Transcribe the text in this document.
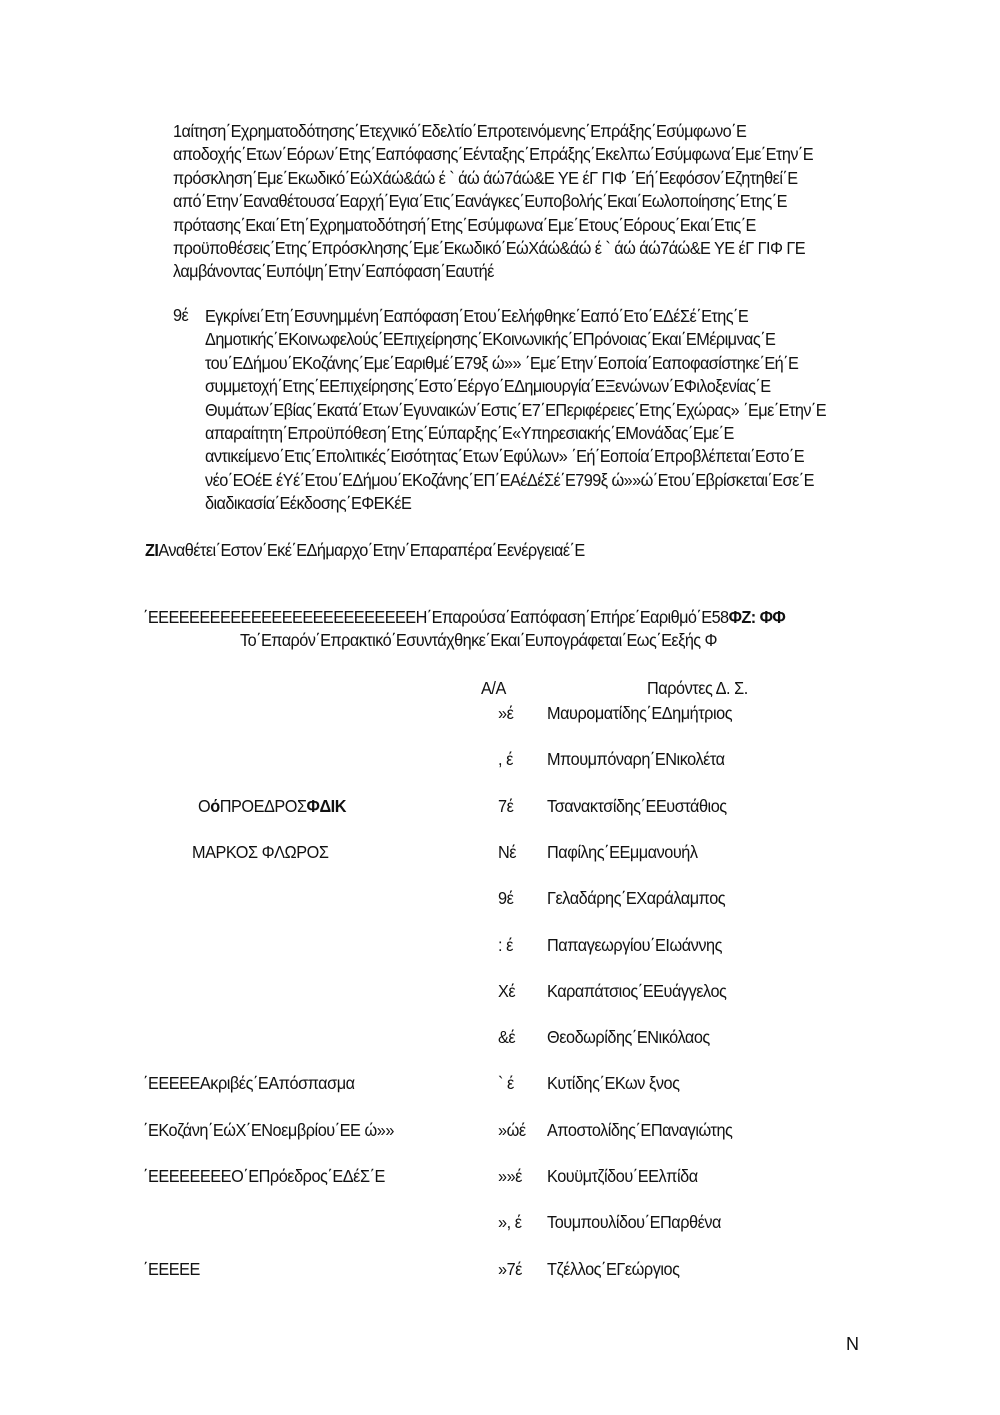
1αίτηση΄Εχρηματοδότησης΄Ετεχνικό΄Εδελτίο΄Επροτεινόμενης΄Επράξης΄Εσύμφωνο΄Ε
αποδοχής΄Ετων΄Εόρων΄Ετης΄Εαπόφασης΄Εένταξης΄Επράξης΄Εκελπω΄Εσύμφωνα΄Εμε΄Ετην΄Ε
πρόσκληση΄Εμε΄Εκωδικό΄ΕώΧάώ&άώ έ ` άώ άώ7άώ&Ε ΥΕ έΓ ΓΙΦ ΄Εή΄Εεφόσον΄Εζητηθεί΄Ε
από΄Ετην΄Εαναθέτουσα΄Εαρχή΄Εγια΄Ετις΄Εανάγκες΄Ευποβολής΄Εκαι΄Εωλοποίησης΄Ετης΄Ε
πρότασης΄Εκαι΄Ετη΄Εχρηματοδότησή΄Ετης΄Εσύμφωνα΄Εμε΄Ετους΄Εόρους΄Εκαι΄Ετις΄Ε
προϋποθέσεις΄Ετης΄Επρόσκλησης΄Εμε΄Εκωδικό΄ΕώΧάώ&άώ έ ` άώ άώ7άώ&Ε ΥΕ έΓ ΓΙΦ ΓΕ
λαμβάνοντας΄Ευπόψη΄Ετην΄Εαπόφαση΄Εαυτήέ
9έ Εγκρίνει΄Ετη΄Εσυνημμένη΄Εαπόφαση΄Ετου΄Εελήφθηκε΄Εαπό΄Ετο΄ΕΔέΣέ΄Ετης΄Ε
Δημοτικής΄ΕΚοινωφελούς΄ΕΕπιχείρησης΄ΕΚοινωνικής΄ΕΠρόνοιας΄Εκαι΄ΕΜέριμνας΄Ε
του΄ΕΔήμου΄ΕΚοζάνης΄Εμε΄Εαριθμέ΄Ε79ξ ώ»» ΄Εμε΄Ετην΄Εοποία΄Εαποφασίστηκε΄Εή΄Ε
συμμετοχή΄Ετης΄ΕΕπιχείρησης΄Εστο΄Εέργο΄ΕΔημιουργία΄ΕΞενώνων΄ΕΦιλοξενίας΄Ε
Θυμάτων΄Εβίας΄Εκατά΄Ετων΄Εγυναικών΄Εστις΄Ε7΄ΕΠεριφέρειες΄Ετης΄Εχώρας» ΄Εμε΄Ετην΄Ε
απαραίτητη΄Επροϋπόθεση΄Ετης΄Εύπαρξης΄Ε«Υπηρεσιακής΄ΕΜονάδας΄Εμε΄Ε
αντικείμενο΄Ετις΄Επολιτικές΄Εισότητας΄Ετων΄Εφύλων» ΄Εή΄Εοποία΄Επροβλέπεται΄Εστο΄Ε
νέο΄ΕΟέΕ έΥέ΄Ετου΄ΕΔήμου΄ΕΚοζάνης΄ΕΠ΄ΕΑέΔέΣέ΄Ε799ξ ώ»»ώ΄Ετου΄Εβρίσκεται΄Εσε΄Ε
διαδικασία΄Εέκδοσης΄ΕΦΕΚέΕ
ΖΙΑναθέτει΄Εστον΄Εκέ΄ΕΔήμαρχο΄Ετην΄Επαραπέρα΄Εενέργειαέ΄Ε
΄ΕΕΕΕΕΕΕΕΕΕΕΕΕΕΕΕΕΕΕΕΕΕΕΕΕΕΗ΄Επαρούσα΄Εαπόφαση΄Επήρε΄Εαριθμό΄Ε58ΦΖ: ΦΦ
Το΄Επαρόν΄Επρακτικό΄Εσυντάχθηκε΄Εκαι΄Ευπογράφεται΄Εως΄Εεξής Φ
Α/Α	Παρόντες Δ. Σ.
»έ Μαυροματίδης΄ΕΔημήτριος
, έ Μπουμπόναρη΄ΕΝικολέτα
7έ Τσανακτσίδης΄ΕΕυστάθιος
Νέ Παφίλης΄ΕΕμμανουήλ
9έ Γελαδάρης΄ΕΧαράλαμπος
: έ Παπαγεωργίου΄ΕΙωάννης
Χέ Καραπάτσιος΄ΕΕυάγγελος
&έ Θεοδωρίδης΄ΕΝικόλαος
` έ Κυτίδης΄ΕΚων ξνος
»ώέ Αποστολίδης΄ΕΠαναγιώτης
»»έ Κουϋμτζίδου΄ΕΕλπίδα
», έ Τουμπουλίδου΄ΕΠαρθένα
»7έ Τζέλλος΄ΕΓεώργιος
ΟόΠΡΟΕΔΡΟΣΦΔΙΚ
ΜΑΡΚΟΣ ΦΛΩΡΟΣ
΄ΕΕΕΕΕΑκριβές΄ΕΑπόσπασμα
΄ΕΚοζάνη΄ΕώΧ΄ΕΝοεμβρίου΄ΕΕ ώ»»
΄ΕΕΕΕΕΕΕΕΟ΄ΕΠρόεδρος΄ΕΔέΣ΄Ε
΄ΕΕΕΕΕ
Ν
